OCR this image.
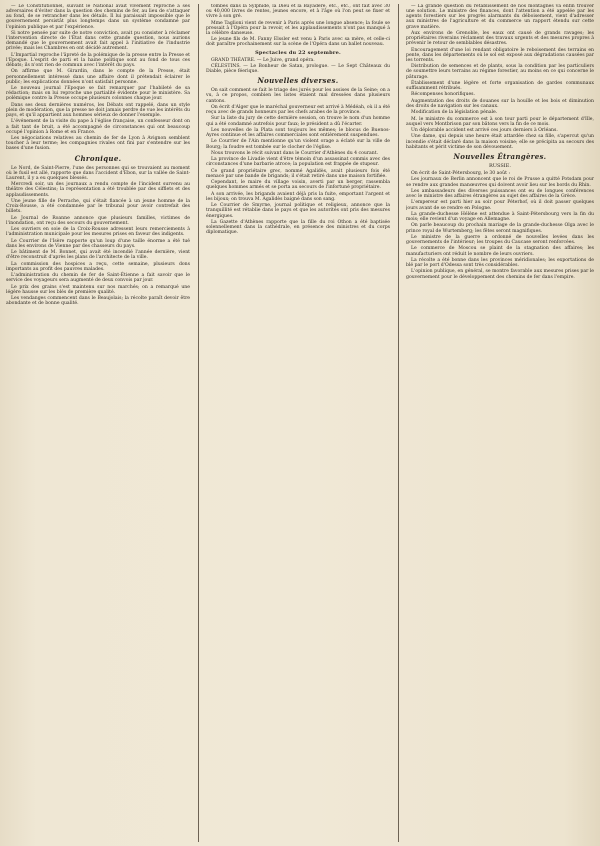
— Le Constitutionnel, suivant le National avait vivement reproché à ses adversaires d'éviter dans la question des chemins de fer, au lieu de s'attaquer au fond, de se retrancher dans les détails. Il lui paraissait impossible que le gouvernement persistât plus longtemps dans un système condamné par l'opinion publique et par l'expérience.

Si notre pensée par suite de notre conviction, avait pu consister à réclamer l'intervention directe de l'État dans cette grande question, nous aurions demandé que le gouvernement avait fait appel à l'initiative de l'industrie privée; mais les Chambres en ont décidé autrement.

L'Impartial reproche l'âpreté de la polémique de la presse entre la Presse et l'Epoque. L'esprit de parti et la haine politique sont au fond de tous ces débats; ils n'ont rien de commun avec l'intérêt du pays.

On affirme que M. Girardin, dans le compte de la Presse, était personnellement intéressé dans une affaire dont il prétendait éclairer le public; les explications données n'ont satisfait personne.

Le nouveau journal l'Epoque se fait remarquer par l'habileté de sa rédaction; mais on lui reproche une partialité évidente pour le ministère. Sa polémique contre la Presse occupe plusieurs colonnes chaque jour.

Dans ses deux dernières numéros, les Débats ont rappelé, dans un style plein de modération, que la presse ne doit jamais perdre de vue les intérêts du pays, et qu'il appartient aux hommes sérieux de donner l'exemple.

L'événement de la visite du pape à l'église française, un confesseur dont on a fait tant de bruit, a été accompagné de circonstances qui ont beaucoup occupé l'opinion à Rome et en France.

Les négociations relatives au chemin de fer de Lyon à Avignon semblent toucher à leur terme; les compagnies rivales ont fini par s'entendre sur les bases d'une fusion.

Chronique.

Le Nord, de Saint-Pierre, l'une des personnes qui se trouvaient au moment où le fusil est allé, rapporte que dans l'accident d'Ebon, sur la vallée de Saint-Laurent, il y a eu quelques blessés.

Mercredi soir, un des journaux a rendu compte de l'incident survenu au théâtre des Célestins; la représentation a été troublée par des sifflets et des applaudissements.

Une jeune fille de Perrache, qui s'était fiancée à un jeune homme de la Croix-Rousse, a été condamnée par le tribunal pour avoir contrefait des billets.

Le Journal de Roanne annonce que plusieurs familles, victimes de l'inondation, ont reçu des secours du gouvernement.

Les ouvriers en soie de la Croix-Rousse adressent leurs remerciements à l'administration municipale pour les mesures prises en faveur des indigents.

Le Courrier de l'Isère rapporte qu'un loup d'une taille énorme a été tué dans les environs de Vienne par des chasseurs du pays.

Le bâtiment de M. Bonnet, qui avait été incendié l'année dernière, vient d'être reconstruit d'après les plans de l'architecte de la ville.

La commission des hospices a reçu, cette semaine, plusieurs dons importants au profit des pauvres malades.

L'administration du chemin de fer de Saint-Étienne a fait savoir que le service des voyageurs sera augmenté de deux convois par jour.

Le prix des grains s'est maintenu sur nos marchés; on a remarqué une légère hausse sur les blés de première qualité.

Les vendanges commencent dans le Beaujolais; la récolte paraît devoir être abondante et de bonne qualité.

tombés dans la Sylphide, la Dieu et la Bayadère, etc., etc., ont fait avec 30 ou 40,000 livres de rentes, jeunes encore, et à l'âge où l'on peut se fixer et vivre à son gré.

Mme Taglioni vient de revenir à Paris après une longue absence; la foule se pressait à l'Opéra pour la revoir, et les applaudissements n'ont pas manqué à la célèbre danseuse.

Le jeune fils de M. Fanny Elssler est venu à Paris avec sa mère, et celle-ci doit paraître prochainement sur la scène de l'Opéra dans un ballet nouveau.

Spectacles du 22 septembre.

GRAND THÉATRE. — Le Juive, grand opéra.

CÉLESTINS. — Le Bonheur de Satan, prologue. — Le Sept Châteaux du Diable, pièce féerique.

Nouvelles diverses.

On sait comment se fait le triage des jurés pour les assises de la Seine; on a vu, à ce propos, combien les listes étaient mal dressées dans plusieurs cantons.

On écrit d'Alger que le maréchal gouverneur est arrivé à Médéah, où il a été reçu avec de grands honneurs par les chefs arabes de la province.

Sur la liste du jury de cette dernière session, on trouve le nom d'un homme qui a été condamné autrefois pour faux; le président a dû l'écarter.

Les nouvelles de la Plata sont toujours les mêmes; le blocus de Buenos-Ayres continue et les affaires commerciales sont entièrement suspendues.

Le Courrier de l'Ain mentionne qu'un violent orage a éclaté sur la ville de Bourg; la foudre est tombée sur le clocher de l'église.

Nous trouvons le récit suivant dans le Courrier d'Athènes du 4 courant.

La province de Livadie vient d'être témoin d'un assassinat commis avec des circonstances d'une barbarie atroce; la population est frappée de stupeur.

Ce grand propriétaire grec, nommé Agalidès, avait plusieurs fois été menacé par une bande de brigands; il s'était retiré dans une maison fortifiée.

Cependant, le maire du village voisin, averti par un berger, rassembla quelques hommes armés et se porta au secours de l'infortuné propriétaire.

A son arrivée, les brigands avaient déjà pris la fuite, emportant l'argent et les bijoux; on trouva M. Agalidès baigné dans son sang.

Le Courrier de Smyrne, journal politique et religieux, annonce que la tranquillité est rétablie dans le pays et que les autorités ont pris des mesures énergiques.

La Gazette d'Athènes rapporte que la fille du roi Othon a été baptisée solennellement dans la cathédrale, en présence des ministres et du corps diplomatique.

— La grande question du rétablissement de nos montagnes va enfin trouver une solution. Le ministre des finances, dont l'attention a été appelée par les agents forestiers sur les progrès alarmants du déboisement, vient d'adresser aux ministres de l'agriculture et du commerce un rapport étendu sur cette grave matière.

Aux environs de Grenoble, les eaux ont causé de grands ravages; les propriétaires riverains réclament des travaux urgents et des mesures propres à prévenir le retour de semblables désastres.

Encouragement d'une loi rendant obligatoire le reboisement des terrains en pente, dans les départements où le sol est exposé aux dégradations causées par les torrents.

Distribution de semences et de plants, sous la condition par les particuliers de soumettre leurs terrains au régime forestier, au moins en ce qui concerne le pâturage.

Établissement d'une légère et forte organisation de gardes communaux suffisamment rétribués.

Récompenses honorifiques.

Augmentation des droits de douanes sur la houille et les bois et diminution des droits de navigation sur les canaux.

Modification de la législation pénale.

M. le ministre du commerce est à son tour parti pour le département d'Ille, auquel vers Montbrison par son bâtons vers la fin de ce mois.

Un déplorable accident est arrivé ces jours derniers à Orléans.

Une dame, qui depuis une heure était attardée chez sa fille, s'apercut qu'un incendie s'était déclaré dans la maison voisine; elle se précipita au secours des habitants et périt victime de son dévouement.

Nouvelles Étrangères.

RUSSIE.

On écrit de Saint-Pétersbourg, le 30 août :

Les journaux de Berlin annoncent que le roi de Prusse a quitté Potsdam pour se rendre aux grandes manœuvres qui doivent avoir lieu sur les bords du Rhin.

Les ambassadeurs des diverses puissances ont eu de longues conférences avec le ministre des affaires étrangères au sujet des affaires de la Grèce.

L'empereur est parti hier au soir pour Péterhof, où il doit passer quelques jours avant de se rendre en Pologne.

La grande-duchesse Hélène est attendue à Saint-Pétersbourg vers la fin du mois; elle revient d'un voyage en Allemagne.

On parle beaucoup du prochain mariage de la grande-duchesse Olga avec le prince royal de Wurtemberg; les fêtes seront magnifiques.

Le ministre de la guerre a ordonné de nouvelles levées dans les gouvernements de l'intérieur; les troupes du Caucase seront renforcées.

Le commerce de Moscou se plaint de la stagnation des affaires; les manufacturiers ont réduit le nombre de leurs ouvriers.

La récolte a été bonne dans les provinces méridionales; les exportations de blé par le port d'Odessa sont très considérables.

L'opinion publique, en général, se montre favorable aux mesures prises par le gouvernement pour le développement des chemins de fer dans l'empire.
